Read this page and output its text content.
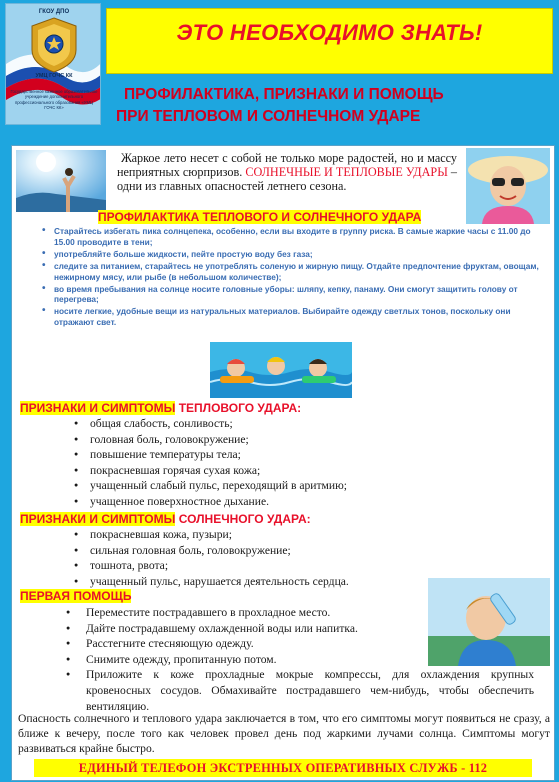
ГКОУ ДПО
УМЦ ГОЧС КК
Государственное казенное образовательное учреждение дополнительного профессионального образования «УМЦ ГОЧС КК»
ЭТО НЕОБХОДИМО ЗНАТЬ!
ПРОФИЛАКТИКА, ПРИЗНАКИ И ПОМОЩЬ
ПРИ ТЕПЛОВОМ И СОЛНЕЧНОМ УДАРЕ

Жаркое лето несет с собой не только море радостей, но и массу неприятных сюрпризов. СОЛНЕЧНЫЕ И ТЕПЛОВЫЕ УДАРЫ – одни из главных опасностей летнего сезона.

ПРОФИЛАКТИКА ТЕПЛОВОГО И СОЛНЕЧНОГО УДАРА
• Старайтесь избегать пика солнцепека, особенно, если вы входите в группу риска. В самые жаркие часы с 11.00 до 15.00 проводите в тени;
• употребляйте больше жидкости, пейте простую воду без газа;
• следите за питанием, старайтесь не употреблять соленую и жирную пищу. Отдайте предпочтение фруктам, овощам, нежирному мясу, или рыбе (в небольшом количестве);
• во время пребывания на солнце носите головные уборы: шляпу, кепку, панаму. Они смогут защитить голову от перегрева;
• носите легкие, удобные вещи из натуральных материалов. Выбирайте одежду светлых тонов, поскольку они отражают свет.
ПРИЗНАКИ И СИМПТОМЫ ТЕПЛОВОГО УДАРА:
● общая слабость, сонливость;
● головная боль, головокружение;
● повышение температуры тела;
● покрасневшая горячая сухая кожа;
● учащенный слабый пульс, переходящий в аритмию;
● учащенное поверхностное дыхание.
ПРИЗНАКИ И СИМПТОМЫ СОЛНЕЧНОГО УДАРА:
● покрасневшая кожа, пузыри;
● сильная головная боль, головокружение;
● тошнота, рвота;
● учащенный пульс, нарушается деятельность сердца.
ПЕРВАЯ ПОМОЩЬ
● Переместите пострадавшего в прохладное место.
● Дайте пострадавшему охлажденной воды или напитка.
● Расстегните стесняющую одежду.
● Снимите одежду, пропитанную потом.
● Приложите к коже прохладные мокрые компрессы, для охлаждения крупных кровеносных сосудов. Обмахивайте пострадавшего чем-нибудь, чтобы обеспечить вентиляцию.

Опасность солнечного и теплового удара заключается в том, что его симптомы могут появиться не сразу, а ближе к вечеру, после того как человек провел день под жаркими лучами солнца. Симптомы могут развиваться крайне быстро.

ЕДИНЫЙ ТЕЛЕФОН ЭКСТРЕННЫХ ОПЕРАТИВНЫХ СЛУЖБ - 112
